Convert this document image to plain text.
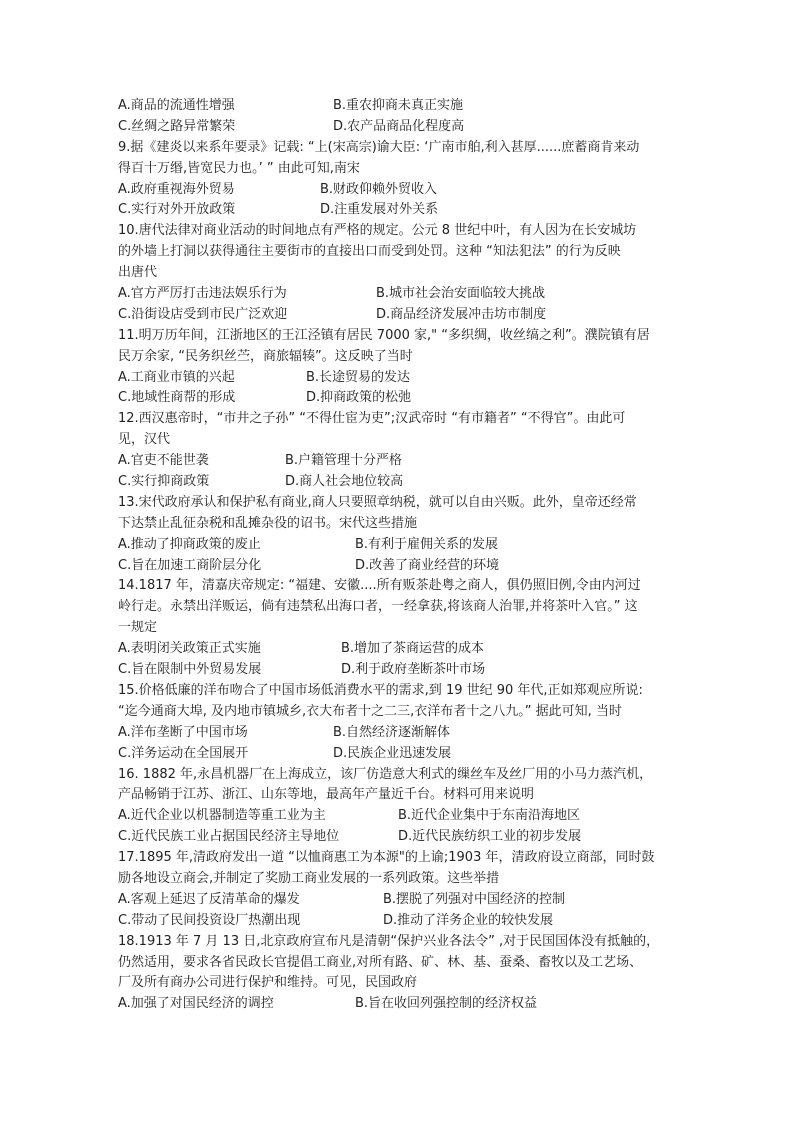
A.商品的流通性增强	B.重农抑商未真正实施
C.丝绸之路异常繁荣	D.农产品商品化程度高
9.据《建炎以来系年要录》记载: “上(宋高宗)谕大臣: ‘广南市舶,利入甚厚......庶蓄商肯来动
得百十万缗,皆宽民力也。’ ” 由此可知,南宋
A.政府重视海外贸易	B.财政仰赖外贸收入
C.实行对外开放政策	D.注重发展对外关系
10.唐代法律对商业活动的时间地点有严格的规定。公元 8 世纪中叶，有人因为在长安城坊
的外墙上打洞以获得通往主要街市的直接出口而受到处罚。这种 “知法犯法” 的行为反映
出唐代
A.官方严厉打击违法娱乐行为	B.城市社会治安面临较大挑战
C.沿街设店受到市民广泛欢迎	D.商品经济发展冲击坊市制度
11.明万历年间，江浙地区的王江泾镇有居民 7000 家," “多织绸，收丝缟之利”。濮院镇有居
民万余家, “民务织丝苎，商旅辐辏”。这反映了当时
A.工商业市镇的兴起	B.长途贸易的发达
C.地域性商帮的形成	D.抑商政策的松弛
12.西汉惠帝时，“市井之子孙” “不得仕宦为吏”;汉武帝时 “有市籍者” “不得官”。由此可
见，汉代
A.官吏不能世袭	B.户籍管理十分严格
C.实行抑商政策	D.商人社会地位较高
13.宋代政府承认和保护私有商业,商人只要照章纳税，就可以自由兴贩。此外，皇帝还经常
下达禁止乱征杂税和乱摊杂役的诏书。宋代这些措施
A.推动了抑商政策的废止	B.有利于雇佣关系的发展
C.旨在加速工商阶层分化	D.改善了商业经营的环境
14.1817 年，清嘉庆帝规定: “福建、安徽....所有贩茶赴粤之商人，俱仍照旧例,令由内河过
岭行走。永禁出洋贩运，倘有违禁私出海口者，一经拿获,将该商人治罪,并将茶叶入官。” 这
一规定
A.表明闭关政策正式实施	B.增加了茶商运营的成本
C.旨在限制中外贸易发展	D.利于政府垄断茶叶市场
15.价格低廉的洋布吻合了中国市场低消费水平的需求,到 19 世纪 90 年代,正如郑观应所说:
“迄今通商大埠, 及内地市镇城乡,衣大布者十之二三,衣洋布者十之八九。” 据此可知, 当时
A.洋布垄断了中国市场	B.自然经济逐渐解体
C.洋务运动在全国展开	D.民族企业迅速发展
16. 1882 年,永昌机器厂在上海成立，该厂仿造意大利式的缫丝车及丝厂用的小马力蒸汽机，
产品畅销于江苏、浙江、山东等地，最高年产量近千台。材料可用来说明
A.近代企业以机器制造等重工业为主	B.近代企业集中于东南沿海地区
C.近代民族工业占据国民经济主导地位	D.近代民族纺织工业的初步发展
17.1895 年,清政府发出一道 “以恤商惠工为本源"的上谕;1903 年，清政府设立商部，同时鼓
励各地设立商会,并制定了奖励工商业发展的一系列政策。这些举措
A.客观上延迟了反清革命的爆发	B.摆脱了列强对中国经济的控制
C.带动了民间投资设厂热潮出现	D.推动了洋务企业的较快发展
18.1913 年 7 月 13 日,北京政府宣布凡是清朝“保护兴业各法令” ,对于民国国体没有抵触的，
仍然适用，要求各省民政长官提倡工商业,对所有路、矿、林、基、蚕桑、畜牧以及工艺场、
厂及所有商办公司进行保护和维持。可见，民国政府
A.加强了对国民经济的调控	B.旨在收回列强控制的经济权益
